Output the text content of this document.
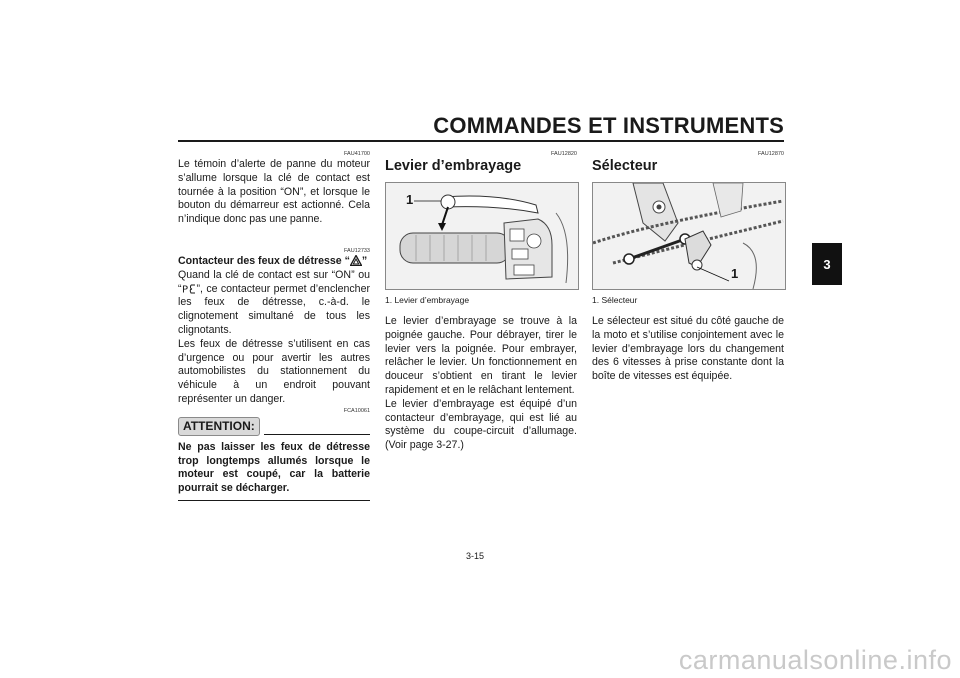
COMMANDES ET INSTRUMENTS
3
FAU41700

Le témoin d’alerte de panne du moteur s’allume lorsque la clé de contact est tournée à la position “ON”, et lorsque le bouton du démarreur est actionné. Cela n’indique donc pas une panne.

FAU12733
Contacteur des feux de détresse “ ”

Quand la clé de contact est sur “ON” ou “ P ”, ce contacteur permet d’enclencher les feux de détresse, c.-à-d. le clignotement simultané de tous les clignotants.

Les feux de détresse s’utilisent en cas d’urgence ou pour avertir les autres automobilistes du stationnement du véhicule à un endroit pouvant représenter un danger.

FCA10061
ATTENTION:

Ne pas laisser les feux de détresse trop longtemps allumés lorsque le moteur est coupé, car la batterie pourrait se décharger.

FAU12820
Levier d’embrayage
1
1. Levier d’embrayage

Le levier d’embrayage se trouve à la poignée gauche. Pour débrayer, tirer le levier vers la poignée. Pour embrayer, relâcher le levier. Un fonctionnement en douceur s’obtient en tirant le levier rapidement et en le relâchant lentement.

Le levier d’embrayage est équipé d’un contacteur d’embrayage, qui est lié au système du coupe-circuit d’allumage. (Voir page 3-27.)

FAU12870
Sélecteur
1
1. Sélecteur

Le sélecteur est situé du côté gauche de la moto et s’utilise conjointement avec le levier d’embrayage lors du changement des 6 vitesses à prise constante dont la boîte de vitesses est équipée.

3-15
carmanualsonline.info
